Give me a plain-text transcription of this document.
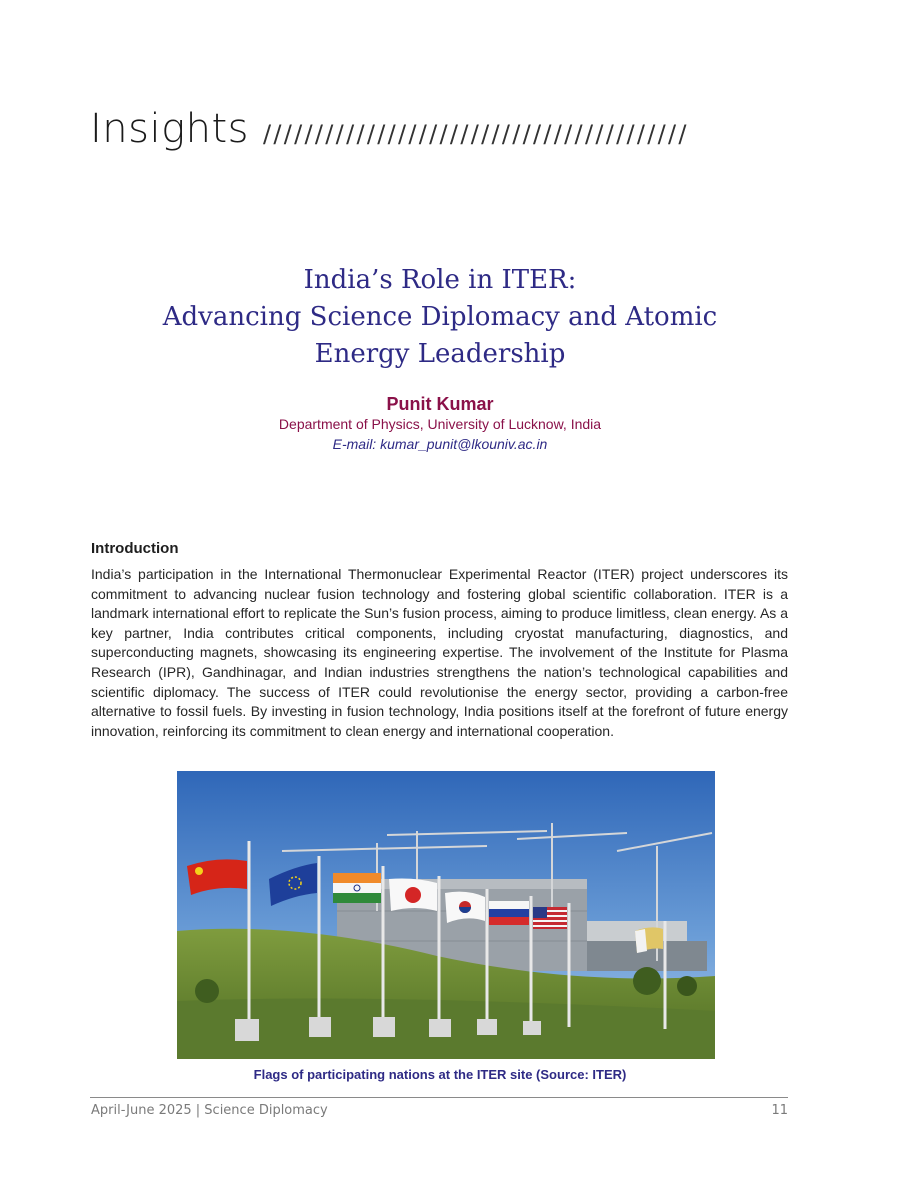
Insights /////////////////////////////////////////
India’s Role in ITER:
Advancing Science Diplomacy and Atomic
Energy Leadership
Punit Kumar
Department of Physics, University of Lucknow, India
E-mail: kumar_punit@lkouniv.ac.in
Introduction

India’s participation in the International Thermonuclear Experimental Reactor (ITER) project underscores its commitment to advancing nuclear fusion technology and fostering global scientific collaboration. ITER is a landmark international effort to replicate the Sun’s fusion process, aiming to produce limitless, clean energy. As a key partner, India contributes critical components, including cryostat manufacturing, diagnostics, and superconducting magnets, showcasing its engineering expertise. The involvement of the Institute for Plasma Research (IPR), Gandhinagar, and Indian industries strengthens the nation’s technological capabilities and scientific diplomacy. The success of ITER could revolutionise the energy sector, providing a carbon-free alternative to fossil fuels. By investing in fusion technology, India positions itself at the forefront of future energy innovation, reinforcing its commitment to clean energy and international cooperation.

Flags of participating nations at the ITER site (Source: ITER)
April-June 2025 | Science Diplomacy	11
